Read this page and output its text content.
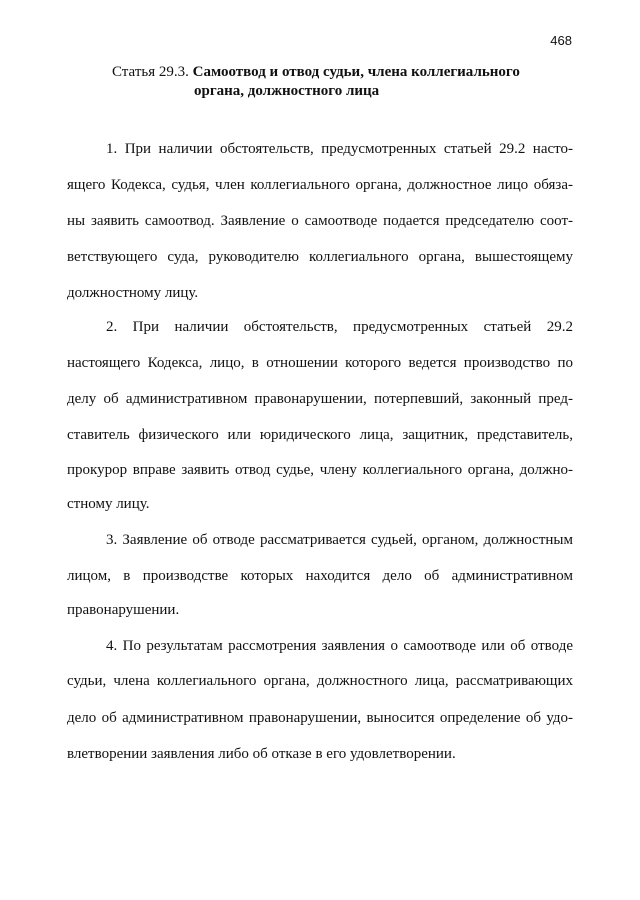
468
Статья 29.3. Самоотвод и отвод судьи, члена коллегиального
органа, должностного лица
1. При наличии обстоятельств, предусмотренных статьей 29.2 насто-
ящего Кодекса, судья, член коллегиального органа, должностное лицо обяза-
ны заявить самоотвод. Заявление о самоотводе подается председателю соот-
ветствующего суда, руководителю коллегиального органа, вышестоящему
должностному лицу.
2. При наличии обстоятельств, предусмотренных статьей 29.2
настоящего Кодекса, лицо, в отношении которого ведется производство по
делу об административном правонарушении, потерпевший, законный пред-
ставитель физического или юридического лица, защитник, представитель,
прокурор вправе заявить отвод судье, члену коллегиального органа, должно-
стному лицу.
3. Заявление об отводе рассматривается судьей, органом, должностным
лицом, в производстве которых находится дело об административном
правонарушении.
4. По результатам рассмотрения заявления о самоотводе или об отводе
судьи, члена коллегиального органа, должностного лица, рассматривающих
дело об административном правонарушении, выносится определение об удо-
влетворении заявления либо об отказе в его удовлетворении.
